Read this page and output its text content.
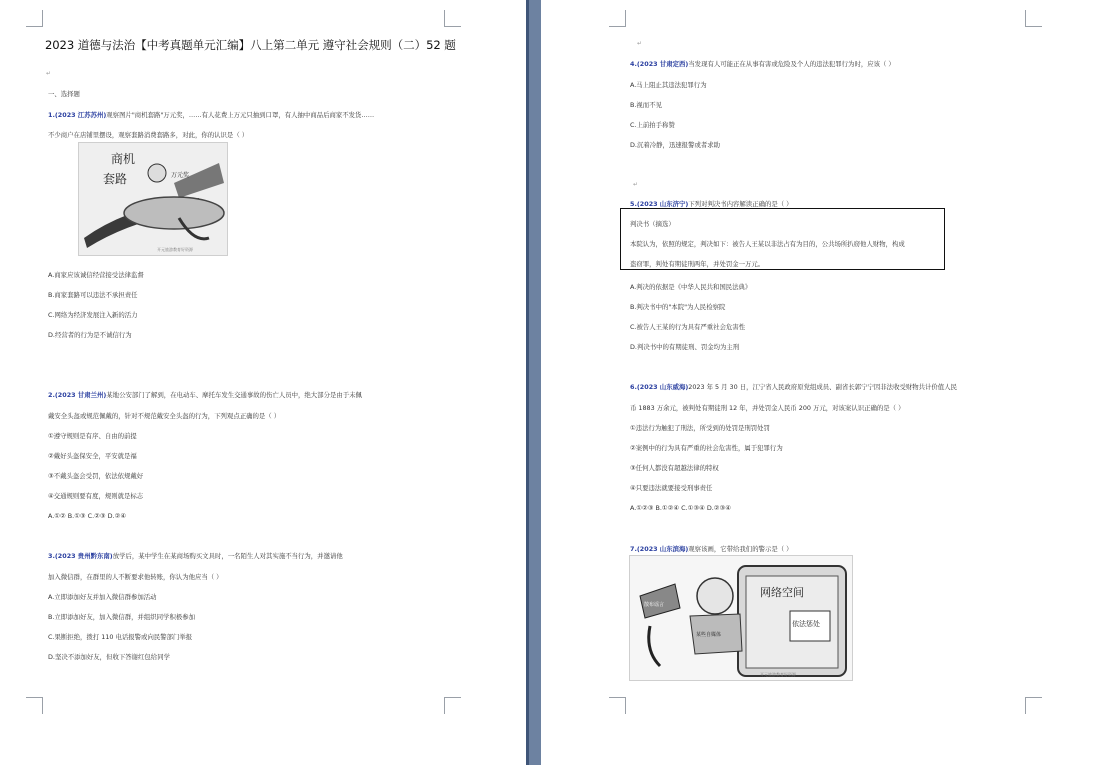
2023 道德与法治【中考真题单元汇编】八上第二单元 遵守社会规则（二）52 题
↵
一、选择题
1.(2023 江苏苏州)观察图片"商机套路"万元奖，……有人花费上万元只抽到口罩，有人抽中商品后商家不发货……
不少商户在店铺里摆设，观察套路消费套路多，对此，你的认识是（ ）
商机
套路	万元奖
开元旅游教育好资源
A.商家应该诚信经营接受法律监督
B.商家套路可以违法不承担责任
C.网络为经济发展注入新的活力
D.经营者的行为是不诚信行为
2.(2023 甘肃兰州)某地公安部门了解到，在电动车、摩托车发生交通事故的伤亡人员中，绝大部分是由于未佩
戴安全头盔或规范佩戴的，针对不规范戴安全头盔的行为，下列观点正确的是（ ）
①遵守规则是有序、自由的前提
②戴好头盔保安全，平安就是福
③不戴头盔会受罚，依法依规戴好
④交通规则要有度，规则就是标志
A.①② B.①③ C.②③ D.②④
3.(2023 贵州黔东南)放学后，某中学生在某商场购买文具时，一名陌生人对其实施不当行为，并邀请他
加入微信群，在群里的人不断要求他转账，你认为他应当（ ）
A.立即添加好友并加入微信群参加活动
B.立即添加好友，加入微信群，并组织同学积极参加
C.果断拒绝，拨打 110 电话报警或向民警部门举报
D.坚决不添加好友，但收下答谢红包给同学
↵
4.(2023 甘肃定西)当发现有人可能正在从事有害或危险及个人的违法犯罪行为时，应该（ ）
A.马上阻止其违法犯罪行为
B.视而不见
C.上前拍手称赞
D.沉着冷静，迅速报警或者求助
↵
5.(2023 山东济宁)下列对判决书内容解读正确的是（ ）
判决书（摘选）
本院认为，依照的规定，判决如下：被告人王某以非法占有为目的，公共场所扒窃他人财物，构成
盗窃罪，判处有期徒刑两年，并处罚金一万元。
A.判决的依据是《中华人民共和国民法典》
B.判决书中的"本院"为人民检察院
C.被告人王某的行为具有严重社会危害性
D.判决书中的有期徒刑、罚金均为主刑
6.(2023 山东威海)2023 年 5 月 30 日，江宁省人民政府原党组成员、副省长郭宁宁因非法收受财物共计价值人民
币 1883 万余元，被判处有期徒刑 12 年，并处罚金人民币 200 万元，对该案认识正确的是（ ）
①违法行为触犯了刑法，所受到的处罚是刑罚处罚
②案例中的行为具有严重的社会危害性，属于犯罪行为
③任何人都没有超越法律的特权
④只要违法就要接受刑事责任
A.①②③ B.①②④ C.①③④ D.②③④
7.(2023 山东滨海)观察该画，它带给我们的警示是（ ）
网络空间
依法惩处
某些自媒体
散布谣言
开元旅游教育好资源
